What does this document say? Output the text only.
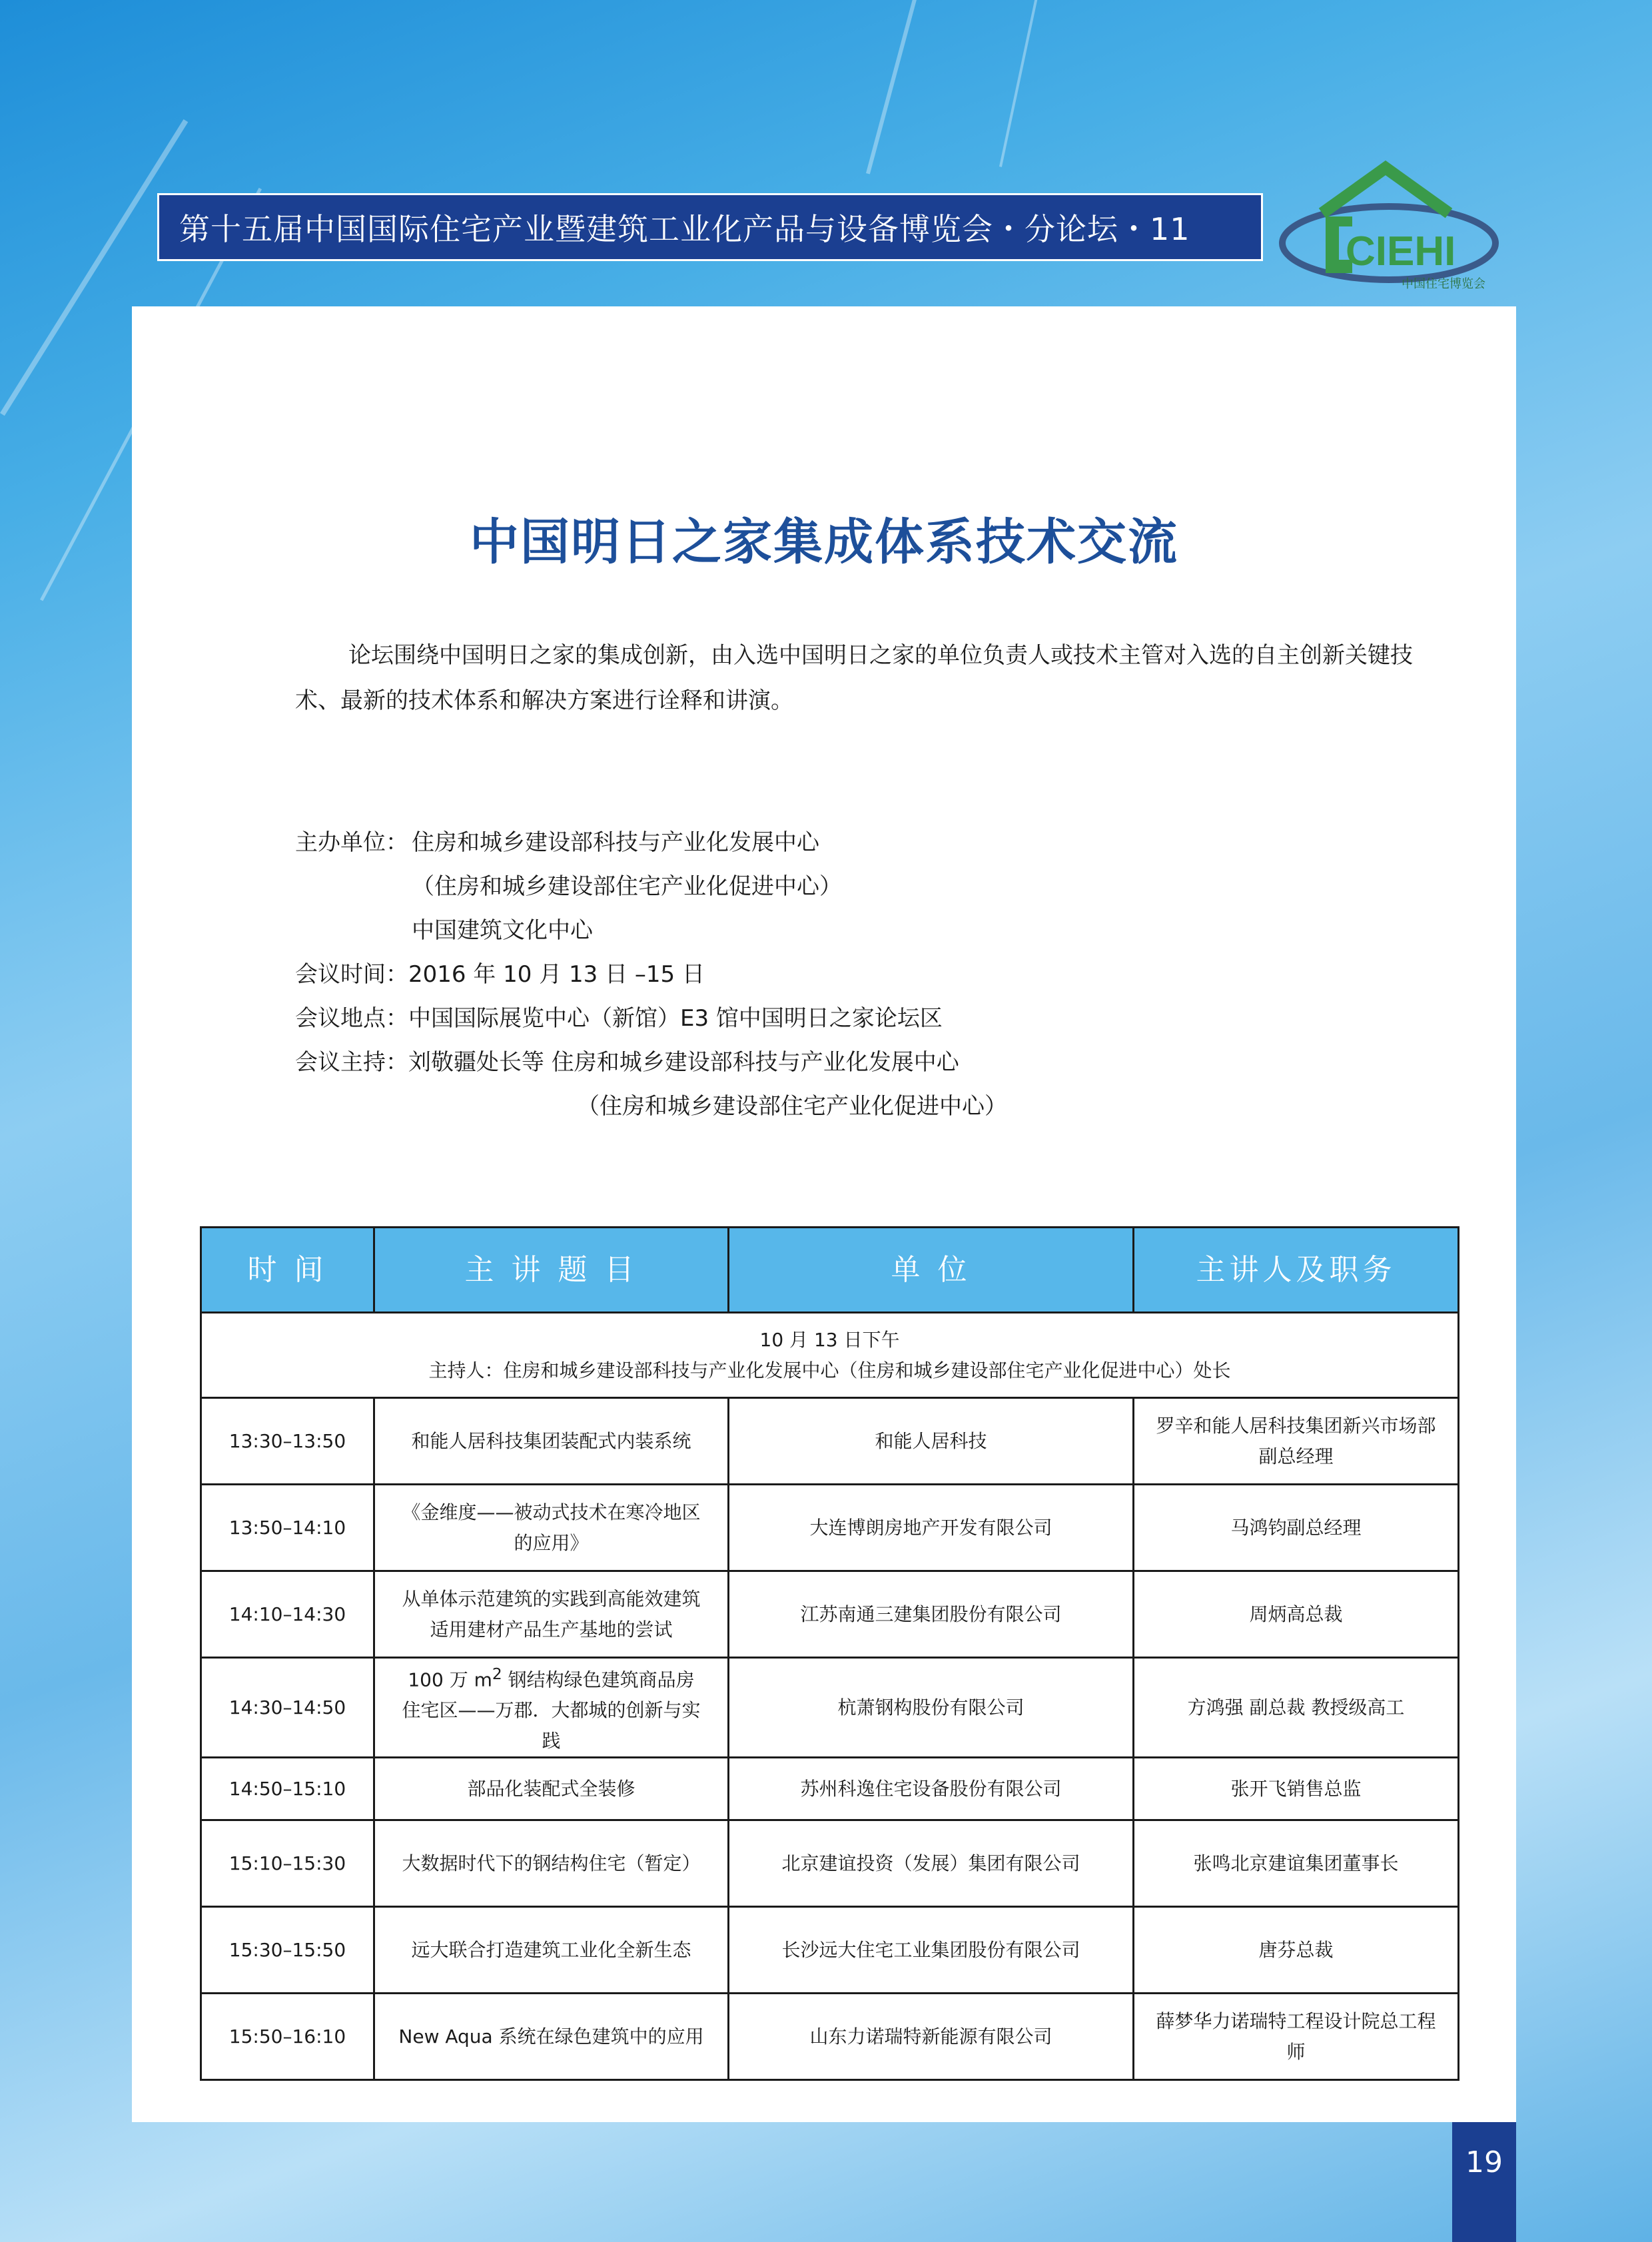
第十五届中国国际住宅产业暨建筑工业化产品与设备博览会・分论坛・11	CIEHI
中国住宅博览会
中国明日之家集成体系技术交流

论坛围绕中国明日之家的集成创新，由入选中国明日之家的单位负责人或技术主管对入选的自主创新关键技术、最新的技术体系和解决方案进行诠释和讲演。

主办单位： 住房和城乡建设部科技与产业化发展中心
（住房和城乡建设部住宅产业化促进中心）
中国建筑文化中心
会议时间：2016 年 10 月 13 日 –15 日
会议地点：中国国际展览中心（新馆）E3 馆中国明日之家论坛区
会议主持：刘敬疆处长等 住房和城乡建设部科技与产业化发展中心
（住房和城乡建设部住宅产业化促进中心）
时 间	主 讲 题 目	单 位	主讲人及职务

10 月 13 日下午
主持人：住房和城乡建设部科技与产业化发展中心（住房和城乡建设部住宅产业化促进中心）处长			

13:30–13:50	和能人居科技集团装配式内装系统	和能人居科技	罗辛和能人居科技集团新兴市场部副总经理
13:50–14:10	《金维度——被动式技术在寒冷地区的应用》	大连博朗房地产开发有限公司	马鸿钧副总经理
14:10–14:30	从单体示范建筑的实践到高能效建筑适用建材产品生产基地的尝试	江苏南通三建集团股份有限公司	周炳高总裁
14:30–14:50	100 万 $m^2$ 钢结构绿色建筑商品房住宅区——万郡．大都城的创新与实践	杭萧钢构股份有限公司	方鸿强 副总裁 教授级高工
14:50–15:10	部品化装配式全装修	苏州科逸住宅设备股份有限公司	张开飞销售总监
15:10–15:30	大数据时代下的钢结构住宅（暂定）	北京建谊投资（发展）集团有限公司	张鸣北京建谊集团董事长
15:30–15:50	远大联合打造建筑工业化全新生态	长沙远大住宅工业集团股份有限公司	唐芬总裁
15:50–16:10	New Aqua 系统在绿色建筑中的应用	山东力诺瑞特新能源有限公司	薛梦华力诺瑞特工程设计院总工程师
19
